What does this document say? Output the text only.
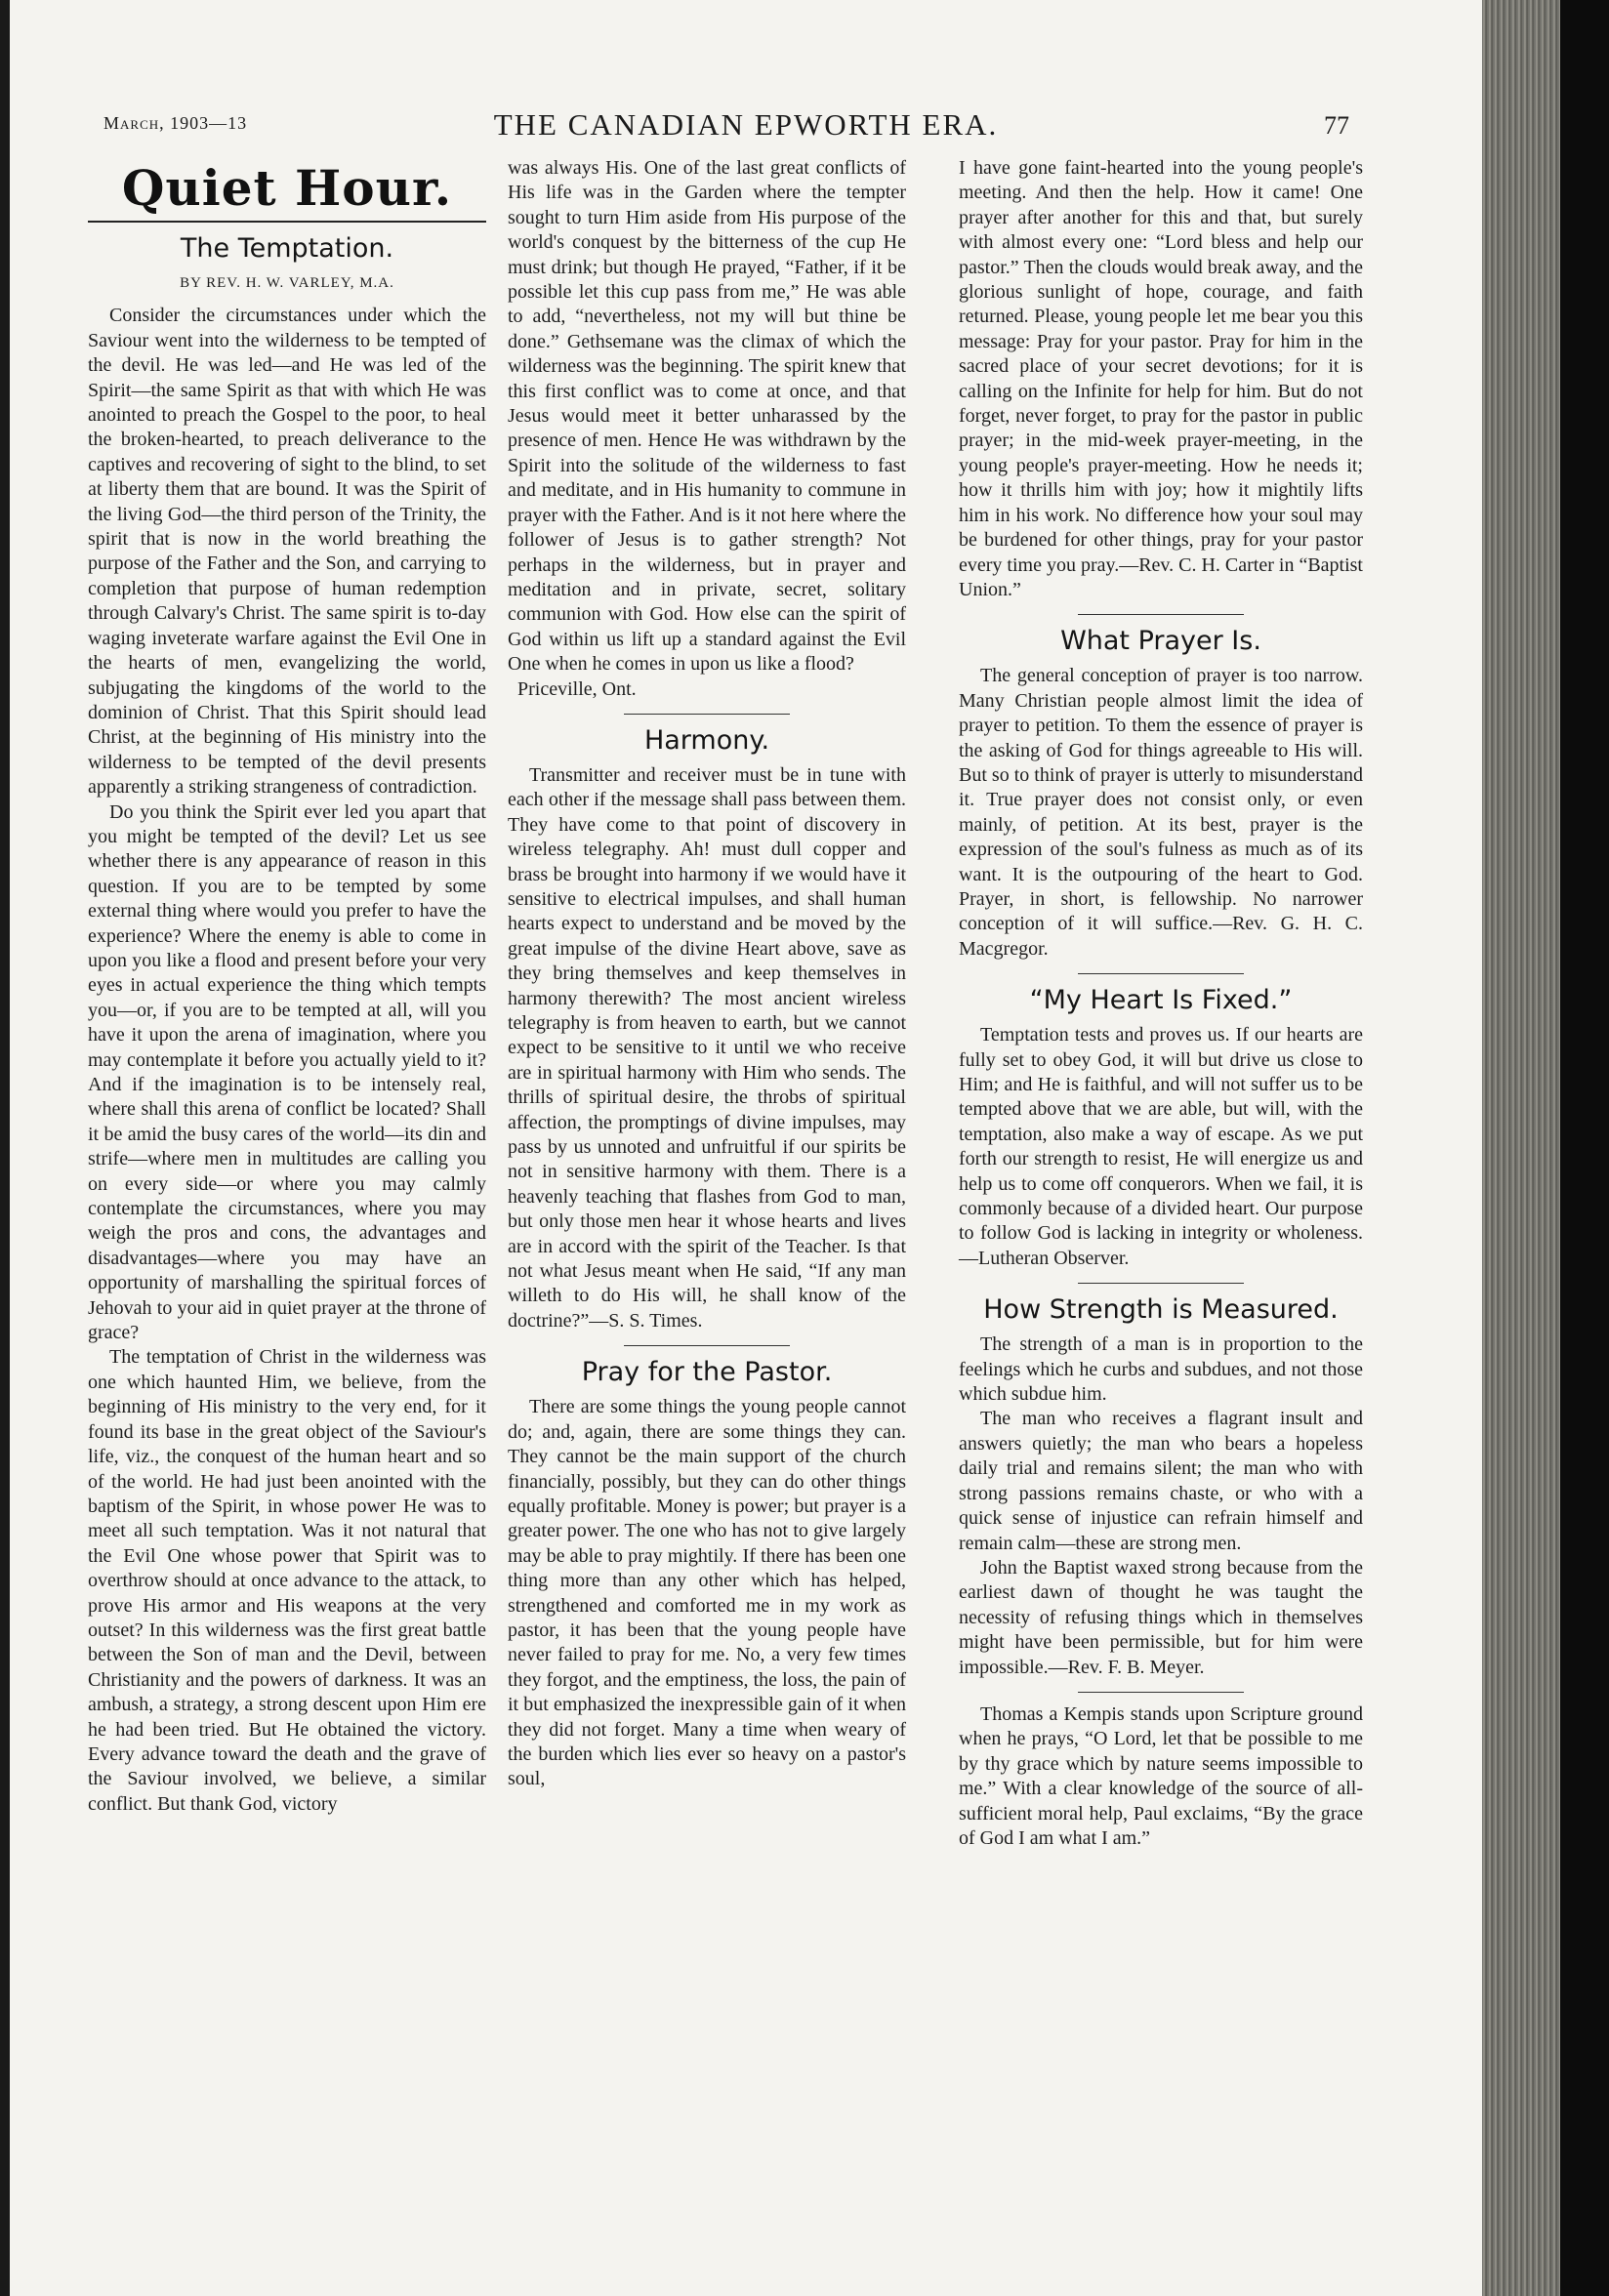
March, 1903—13	THE CANADIAN EPWORTH ERA.	77
Quiet Hour.
The Temptation.
BY REV. H. W. VARLEY, M.A.

Consider the circumstances under which the Saviour went into the wilderness to be tempted of the devil. He was led—and He was led of the Spirit—the same Spirit as that with which He was anointed to preach the Gospel to the poor, to heal the broken-hearted, to preach deliverance to the captives and recovering of sight to the blind, to set at liberty them that are bound. It was the Spirit of the living God—the third person of the Trinity, the spirit that is now in the world breathing the purpose of the Father and the Son, and carrying to completion that purpose of human redemption through Calvary's Christ. The same spirit is to-day waging inveterate warfare against the Evil One in the hearts of men, evangelizing the world, subjugating the kingdoms of the world to the dominion of Christ. That this Spirit should lead Christ, at the beginning of His ministry into the wilderness to be tempted of the devil presents apparently a striking strangeness of contradiction.

Do you think the Spirit ever led you apart that you might be tempted of the devil? Let us see whether there is any appearance of reason in this question. If you are to be tempted by some external thing where would you prefer to have the experience? Where the enemy is able to come in upon you like a flood and present before your very eyes in actual experience the thing which tempts you—or, if you are to be tempted at all, will you have it upon the arena of imagination, where you may contemplate it before you actually yield to it? And if the imagination is to be intensely real, where shall this arena of conflict be located? Shall it be amid the busy cares of the world—its din and strife—where men in multitudes are calling you on every side—or where you may calmly contemplate the circumstances, where you may weigh the pros and cons, the advantages and disadvantages—where you may have an opportunity of marshalling the spiritual forces of Jehovah to your aid in quiet prayer at the throne of grace?

The temptation of Christ in the wilderness was one which haunted Him, we believe, from the beginning of His ministry to the very end, for it found its base in the great object of the Saviour's life, viz., the conquest of the human heart and so of the world. He had just been anointed with the baptism of the Spirit, in whose power He was to meet all such temptation. Was it not natural that the Evil One whose power that Spirit was to overthrow should at once advance to the attack, to prove His armor and His weapons at the very outset? In this wilderness was the first great battle between the Son of man and the Devil, between Christianity and the powers of darkness. It was an ambush, a strategy, a strong descent upon Him ere he had been tried. But He obtained the victory. Every advance toward the death and the grave of the Saviour involved, we believe, a similar conflict. But thank God, victory

was always His. One of the last great conflicts of His life was in the Garden where the tempter sought to turn Him aside from His purpose of the world's conquest by the bitterness of the cup He must drink; but though He prayed, “Father, if it be possible let this cup pass from me,” He was able to add, “nevertheless, not my will but thine be done.” Gethsemane was the climax of which the wilderness was the beginning. The spirit knew that this first conflict was to come at once, and that Jesus would meet it better unharassed by the presence of men. Hence He was withdrawn by the Spirit into the solitude of the wilderness to fast and meditate, and in His humanity to commune in prayer with the Father. And is it not here where the follower of Jesus is to gather strength? Not perhaps in the wilderness, but in prayer and meditation and in private, secret, solitary communion with God. How else can the spirit of God within us lift up a standard against the Evil One when he comes in upon us like a flood?

Priceville, Ont.

Harmony.

Transmitter and receiver must be in tune with each other if the message shall pass between them. They have come to that point of discovery in wireless telegraphy. Ah! must dull copper and brass be brought into harmony if we would have it sensitive to electrical impulses, and shall human hearts expect to understand and be moved by the great impulse of the divine Heart above, save as they bring themselves and keep themselves in harmony therewith? The most ancient wireless telegraphy is from heaven to earth, but we cannot expect to be sensitive to it until we who receive are in spiritual harmony with Him who sends. The thrills of spiritual desire, the throbs of spiritual affection, the promptings of divine impulses, may pass by us unnoted and unfruitful if our spirits be not in sensitive harmony with them. There is a heavenly teaching that flashes from God to man, but only those men hear it whose hearts and lives are in accord with the spirit of the Teacher. Is that not what Jesus meant when He said, “If any man willeth to do His will, he shall know of the doctrine?”—S. S. Times.

Pray for the Pastor.

There are some things the young people cannot do; and, again, there are some things they can. They cannot be the main support of the church financially, possibly, but they can do other things equally profitable. Money is power; but prayer is a greater power. The one who has not to give largely may be able to pray mightily. If there has been one thing more than any other which has helped, strengthened and comforted me in my work as pastor, it has been that the young people have never failed to pray for me. No, a very few times they forgot, and the emptiness, the loss, the pain of it but emphasized the inexpressible gain of it when they did not forget. Many a time when weary of the burden which lies ever so heavy on a pastor's soul,

I have gone faint-hearted into the young people's meeting. And then the help. How it came! One prayer after another for this and that, but surely with almost every one: “Lord bless and help our pastor.” Then the clouds would break away, and the glorious sunlight of hope, courage, and faith returned. Please, young people let me bear you this message: Pray for your pastor. Pray for him in the sacred place of your secret devotions; for it is calling on the Infinite for help for him. But do not forget, never forget, to pray for the pastor in public prayer; in the mid-week prayer-meeting, in the young people's prayer-meeting. How he needs it; how it thrills him with joy; how it mightily lifts him in his work. No difference how your soul may be burdened for other things, pray for your pastor every time you pray.—Rev. C. H. Carter in “Baptist Union.”

What Prayer Is.

The general conception of prayer is too narrow. Many Christian people almost limit the idea of prayer to petition. To them the essence of prayer is the asking of God for things agreeable to His will. But so to think of prayer is utterly to misunderstand it. True prayer does not consist only, or even mainly, of petition. At its best, prayer is the expression of the soul's fulness as much as of its want. It is the outpouring of the heart to God. Prayer, in short, is fellowship. No narrower conception of it will suffice.—Rev. G. H. C. Macgregor.

“My Heart Is Fixed.”

Temptation tests and proves us. If our hearts are fully set to obey God, it will but drive us close to Him; and He is faithful, and will not suffer us to be tempted above that we are able, but will, with the temptation, also make a way of escape. As we put forth our strength to resist, He will energize us and help us to come off conquerors. When we fail, it is commonly because of a divided heart. Our purpose to follow God is lacking in integrity or wholeness.—Lutheran Observer.

How Strength is Measured.

The strength of a man is in proportion to the feelings which he curbs and subdues, and not those which subdue him.

The man who receives a flagrant insult and answers quietly; the man who bears a hopeless daily trial and remains silent; the man who with strong passions remains chaste, or who with a quick sense of injustice can refrain himself and remain calm—these are strong men.

John the Baptist waxed strong because from the earliest dawn of thought he was taught the necessity of refusing things which in themselves might have been permissible, but for him were impossible.—Rev. F. B. Meyer.

Thomas a Kempis stands upon Scripture ground when he prays, “O Lord, let that be possible to me by thy grace which by nature seems impossible to me.” With a clear knowledge of the source of all-sufficient moral help, Paul exclaims, “By the grace of God I am what I am.”
